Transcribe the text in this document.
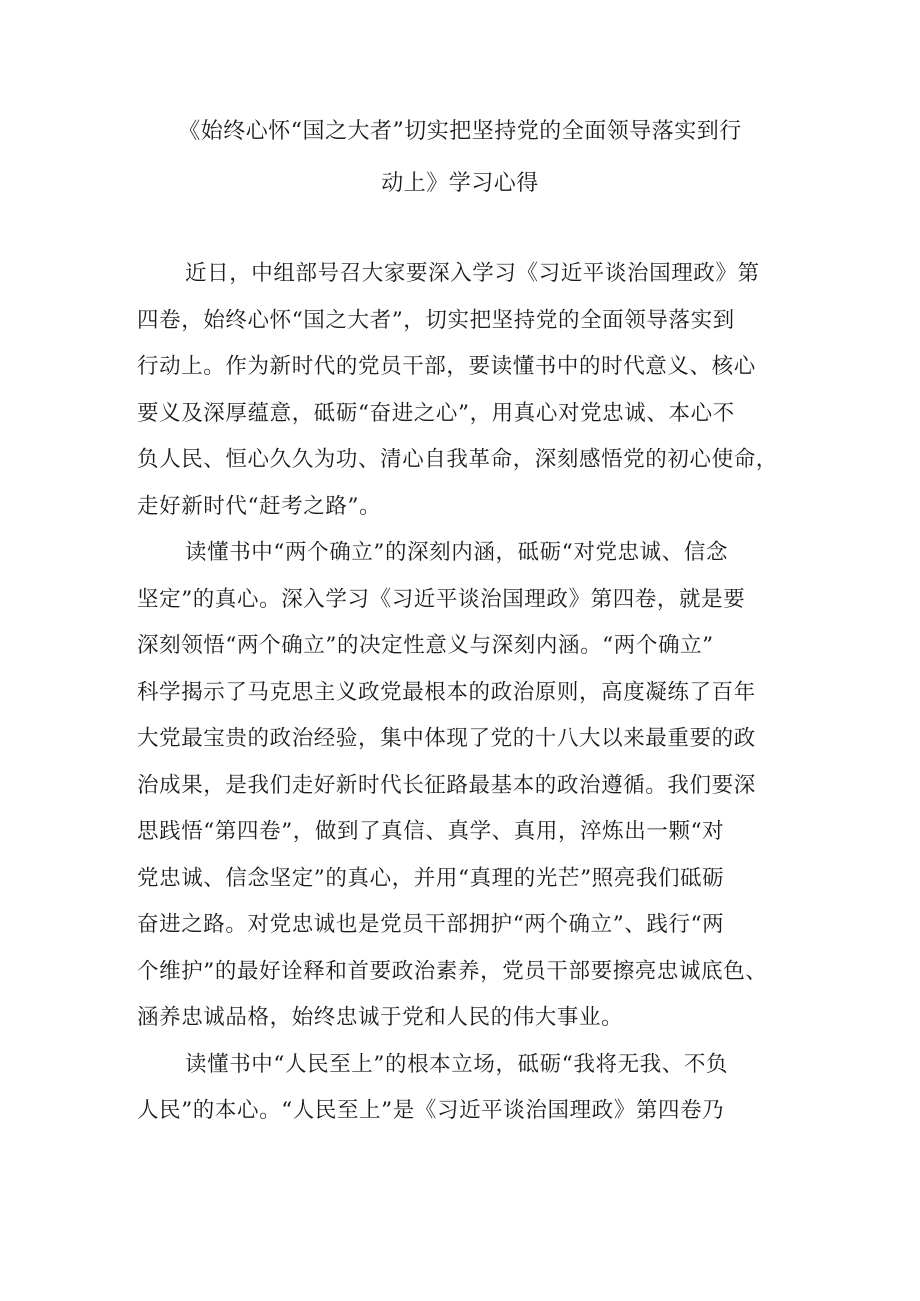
《始终心怀“国之大者”切实把坚持党的全面领导落实到行
动上》学习心得
近日，中组部号召大家要深入学习《习近平谈治国理政》第
四卷，始终心怀“国之大者”，切实把坚持党的全面领导落实到
行动上。作为新时代的党员干部，要读懂书中的时代意义、核心
要义及深厚蕴意，砥砺“奋进之心”，用真心对党忠诚、本心不
负人民、恒心久久为功、清心自我革命，深刻感悟党的初心使命，
走好新时代“赶考之路”。
读懂书中“两个确立”的深刻内涵，砥砺“对党忠诚、信念
坚定”的真心。深入学习《习近平谈治国理政》第四卷，就是要
深刻领悟“两个确立”的决定性意义与深刻内涵。“两个确立”
科学揭示了马克思主义政党最根本的政治原则，高度凝练了百年
大党最宝贵的政治经验，集中体现了党的十八大以来最重要的政
治成果，是我们走好新时代长征路最基本的政治遵循。我们要深
思践悟“第四卷”，做到了真信、真学、真用，淬炼出一颗“对
党忠诚、信念坚定”的真心，并用“真理的光芒”照亮我们砥砺
奋进之路。对党忠诚也是党员干部拥护“两个确立”、践行“两
个维护”的最好诠释和首要政治素养，党员干部要擦亮忠诚底色、
涵养忠诚品格，始终忠诚于党和人民的伟大事业。
读懂书中“人民至上”的根本立场，砥砺“我将无我、不负
人民”的本心。“人民至上”是《习近平谈治国理政》第四卷乃
